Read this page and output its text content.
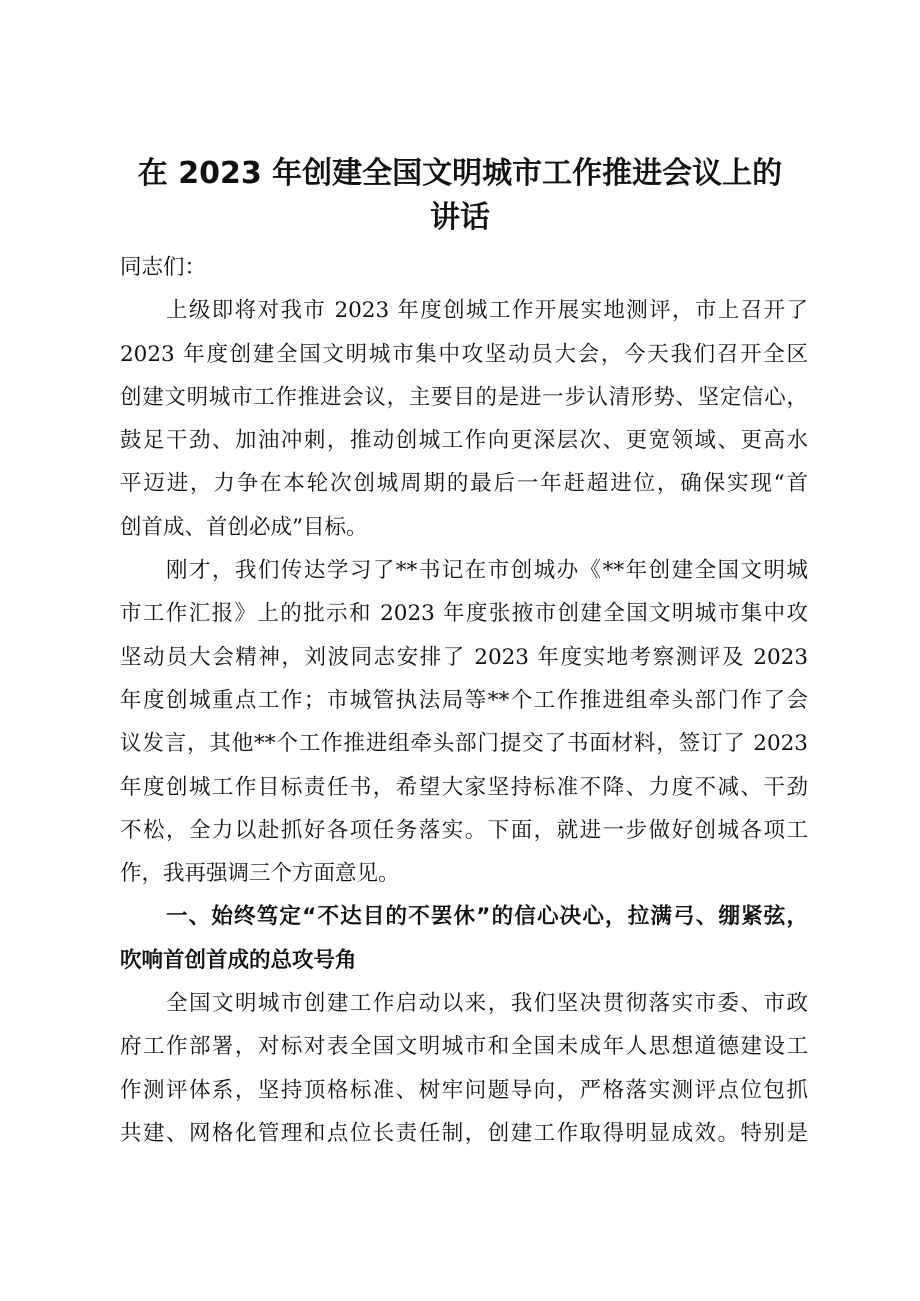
在 2023 年创建全国文明城市工作推进会议上的
讲话
同志们：
上级即将对我市 2023 年度创城工作开展实地测评，市上召开了
2023 年度创建全国文明城市集中攻坚动员大会，今天我们召开全区
创建文明城市工作推进会议，主要目的是进一步认清形势、坚定信心，
鼓足干劲、加油冲刺，推动创城工作向更深层次、更宽领域、更高水
平迈进，力争在本轮次创城周期的最后一年赶超进位，确保实现“首
创首成、首创必成”目标。
刚才，我们传达学习了**书记在市创城办《**年创建全国文明城
市工作汇报》上的批示和 2023 年度张掖市创建全国文明城市集中攻
坚动员大会精神，刘波同志安排了 2023 年度实地考察测评及 2023
年度创城重点工作；市城管执法局等**个工作推进组牵头部门作了会
议发言，其他**个工作推进组牵头部门提交了书面材料，签订了 2023
年度创城工作目标责任书，希望大家坚持标准不降、力度不减、干劲
不松，全力以赴抓好各项任务落实。下面，就进一步做好创城各项工
作，我再强调三个方面意见。
一、始终笃定“不达目的不罢休”的信心决心，拉满弓、绷紧弦，
吹响首创首成的总攻号角
全国文明城市创建工作启动以来，我们坚决贯彻落实市委、市政
府工作部署，对标对表全国文明城市和全国未成年人思想道德建设工
作测评体系，坚持顶格标准、树牢问题导向，严格落实测评点位包抓
共建、网格化管理和点位长责任制，创建工作取得明显成效。特别是
